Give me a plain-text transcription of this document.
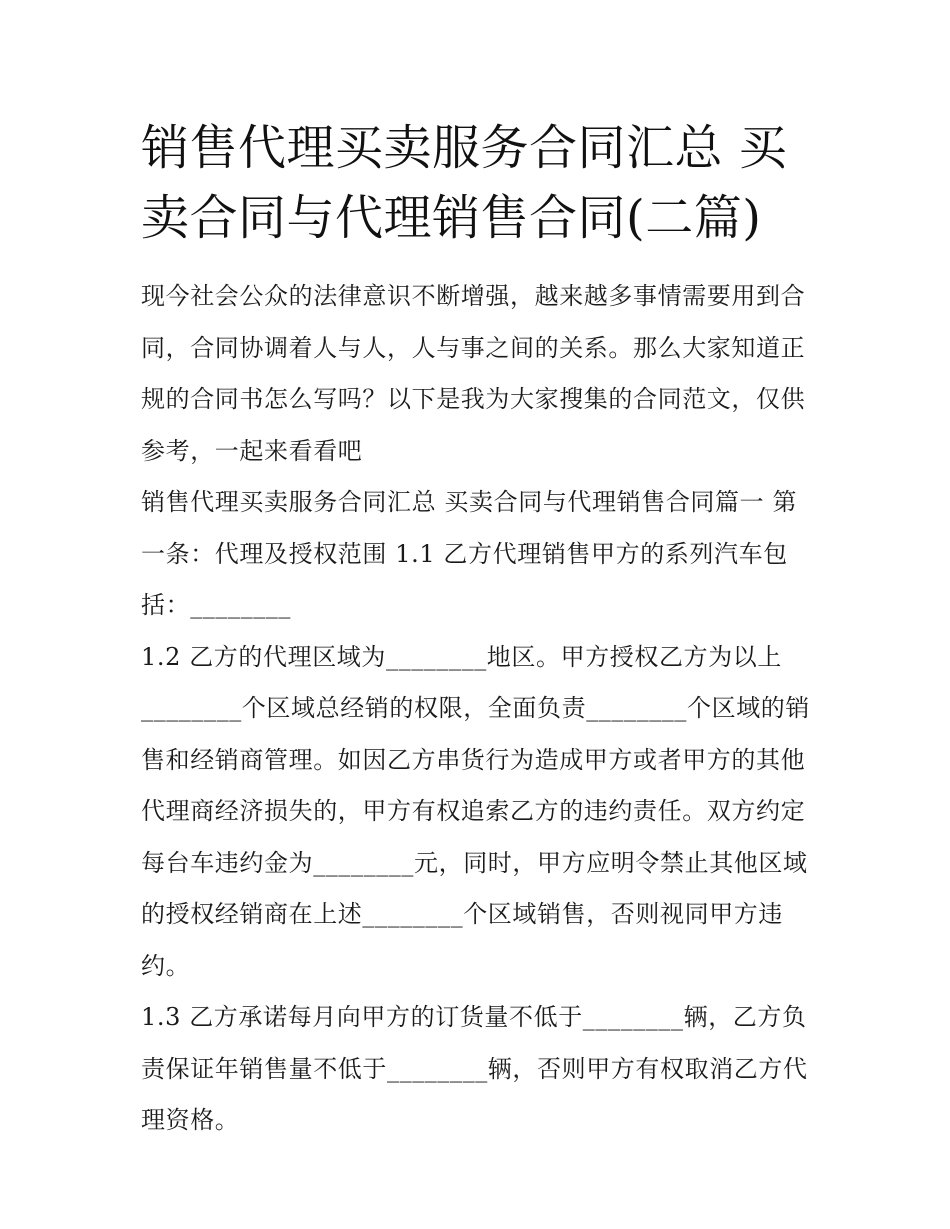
销售代理买卖服务合同汇总 买卖合同与代理销售合同(二篇)

现今社会公众的法律意识不断增强，越来越多事情需要用到合同，合同协调着人与人，人与事之间的关系。那么大家知道正规的合同书怎么写吗？以下是我为大家搜集的合同范文，仅供参考，一起来看看吧

销售代理买卖服务合同汇总 买卖合同与代理销售合同篇一 第一条：代理及授权范围 1.1 乙方代理销售甲方的系列汽车包括：________

1.2 乙方的代理区域为________地区。甲方授权乙方为以上________个区域总经销的权限，全面负责________个区域的销售和经销商管理。如因乙方串货行为造成甲方或者甲方的其他代理商经济损失的，甲方有权追索乙方的违约责任。双方约定每台车违约金为________元，同时，甲方应明令禁止其他区域的授权经销商在上述________个区域销售，否则视同甲方违约。

1.3 乙方承诺每月向甲方的订货量不低于________辆，乙方负责保证年销售量不低于________辆，否则甲方有权取消乙方代理资格。
